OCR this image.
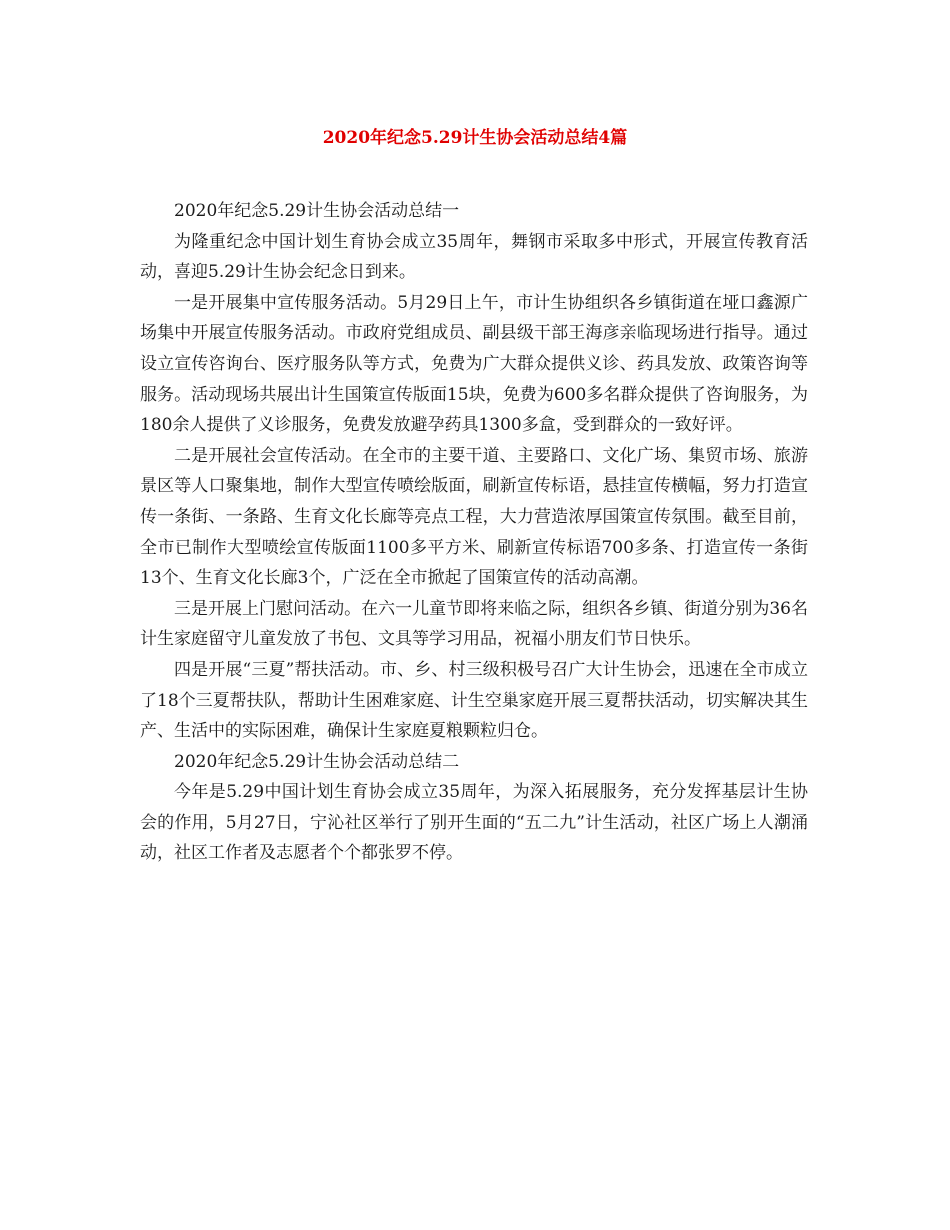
2020年纪念5.29计生协会活动总结4篇

2020年纪念5.29计生协会活动总结一

为隆重纪念中国计划生育协会成立35周年，舞钢市采取多中形式，开展宣传教育活动，喜迎5.29计生协会纪念日到来。

一是开展集中宣传服务活动。5月29日上午，市计生协组织各乡镇街道在垭口鑫源广场集中开展宣传服务活动。市政府党组成员、副县级干部王海彦亲临现场进行指导。通过设立宣传咨询台、医疗服务队等方式，免费为广大群众提供义诊、药具发放、政策咨询等服务。活动现场共展出计生国策宣传版面15块，免费为600多名群众提供了咨询服务，为180余人提供了义诊服务，免费发放避孕药具1300多盒，受到群众的一致好评。

二是开展社会宣传活动。在全市的主要干道、主要路口、文化广场、集贸市场、旅游景区等人口聚集地，制作大型宣传喷绘版面，刷新宣传标语，悬挂宣传横幅，努力打造宣传一条街、一条路、生育文化长廊等亮点工程，大力营造浓厚国策宣传氛围。截至目前，全市已制作大型喷绘宣传版面1100多平方米、刷新宣传标语700多条、打造宣传一条街13个、生育文化长廊3个，广泛在全市掀起了国策宣传的活动高潮。

三是开展上门慰问活动。在六一儿童节即将来临之际，组织各乡镇、街道分别为36名计生家庭留守儿童发放了书包、文具等学习用品，祝福小朋友们节日快乐。

四是开展“三夏”帮扶活动。市、乡、村三级积极号召广大计生协会，迅速在全市成立了18个三夏帮扶队，帮助计生困难家庭、计生空巢家庭开展三夏帮扶活动，切实解决其生产、生活中的实际困难，确保计生家庭夏粮颗粒归仓。

2020年纪念5.29计生协会活动总结二

今年是5.29中国计划生育协会成立35周年，为深入拓展服务，充分发挥基层计生协会的作用，5月27日，宁沁社区举行了别开生面的“五二九”计生活动，社区广场上人潮涌动，社区工作者及志愿者个个都张罗不停。
